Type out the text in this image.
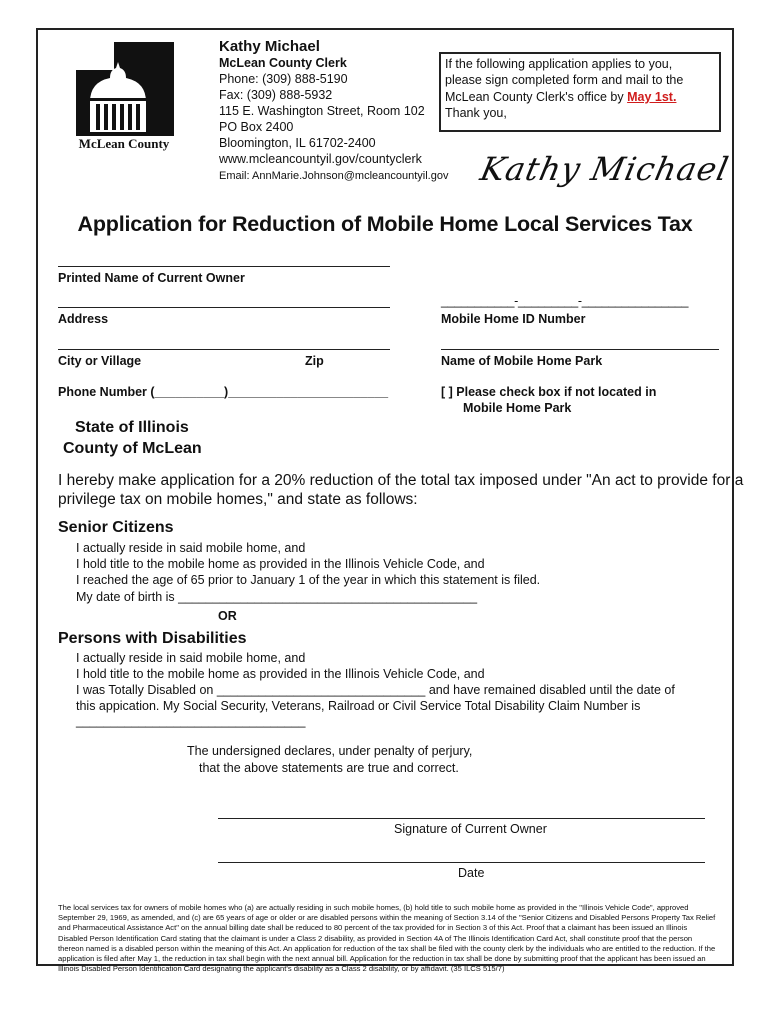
McLean County
Kathy Michael
McLean County Clerk
Phone: (309) 888-5190
Fax: (309) 888-5932
115 E. Washington Street, Room 102
PO Box 2400
Bloomington, IL 61702-2400
www.mcleancountyil.gov/countyclerk
Email: AnnMarie.Johnson@mcleancountyil.gov
If the following application applies to you,
please sign completed form and mail to the
McLean County Clerk's office by May 1st.
Thank you,
Kathy Michael
Application for Reduction of Mobile Home Local Services Tax
Printed Name of Current Owner
Address
___________-_________-________________
Mobile Home ID Number
City or Village	Zip	Name of Mobile Home Park
Phone Number (__________)_______________________	[ ] Please check box if not located in
Mobile Home Park
State of Illinois
County of McLean
I hereby make application for a 20% reduction of the total tax imposed under "An act to provide for a
privilege tax on mobile homes," and state as follows:
Senior Citizens
I actually reside in said mobile home, and
I hold title to the mobile home as provided in the Illinois Vehicle Code, and
I reached the age of 65 prior to January 1 of the year in which this statement is filed.
My date of birth is ___________________________________________
OR
Persons with Disabilities
I actually reside in said mobile home, and
I hold title to the mobile home as provided in the Illinois Vehicle Code, and
I was Totally Disabled on ______________________________ and have remained disabled until the date of
this appication. My Social Security, Veterans, Railroad or Civil Service Total Disability Claim Number is
_________________________________
The undersigned declares, under penalty of perjury,
that the above statements are true and correct.
Signature of Current Owner
Date
The local services tax for owners of mobile homes who (a) are actually residing in such mobile homes, (b) hold title to such mobile home as provided in the "Illinois Vehicle Code", approved September 29, 1969, as amended, and (c) are 65 years of age or older or are disabled persons within the meaning of Section 3.14 of the "Senior Citizens and Disabled Persons Property Tax Relief and Pharmaceutical Assistance Act" on the annual billing date shall be reduced to 80 percent of the tax provided for in Section 3 of this Act. Proof that a claimant has been issued an Illinois Disabled Person Identification Card stating that the claimant is under a Class 2 disability, as provided in Section 4A of The Illinois Identification Card Act, shall constitute proof that the person thereon named is a disabled person within the meaning of this Act. An application for reduction of the tax shall be filed with the county clerk by the individuals who are entitled to the reduction. If the application is filed after May 1, the reduction in tax shall begin with the next annual bill. Application for the reduction in tax shall be done by submitting proof that the applicant has been issued an Illinois Disabled Person Identification Card designating the applicant's disability as a Class 2 disability, or by affidavit. (35 ILCS 515/7)
